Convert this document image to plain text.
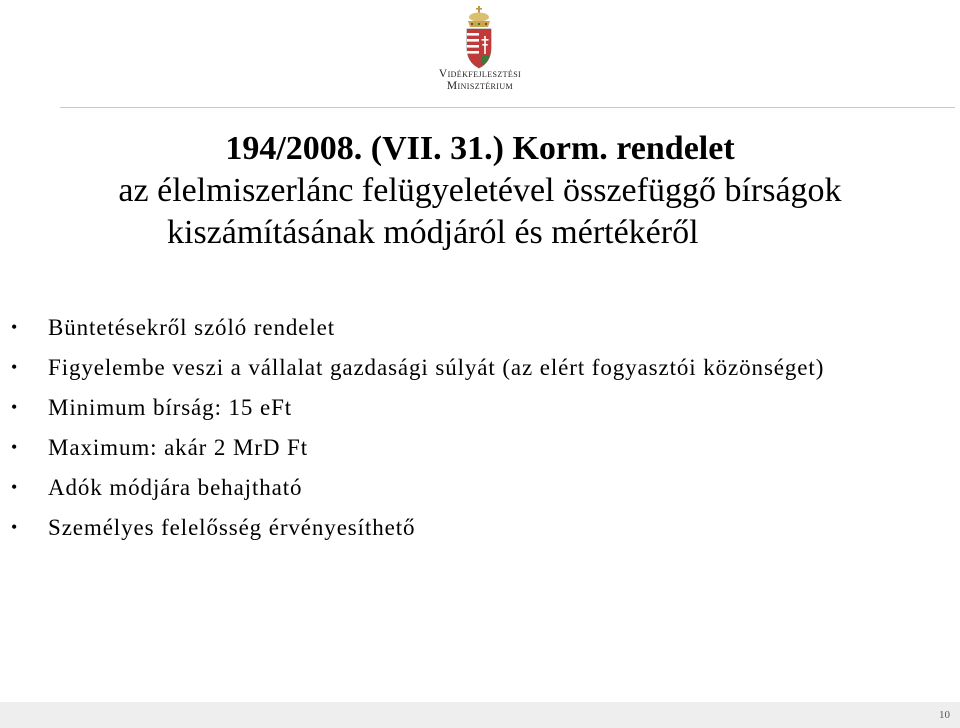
Vidékfejlesztési
Minisztérium
194/2008. (VII. 31.) Korm. rendelet
az élelmiszerlánc felügyeletével összefüggő bírságok
kiszámításának módjáról és mértékéről
• Büntetésekről szóló rendelet
• Figyelembe veszi a vállalat gazdasági súlyát (az elért fogyasztói közönséget)
• Minimum bírság: 15 eFt
• Maximum: akár 2 MrD Ft
• Adók módjára behajtható
• Személyes felelősség érvényesíthető
10
